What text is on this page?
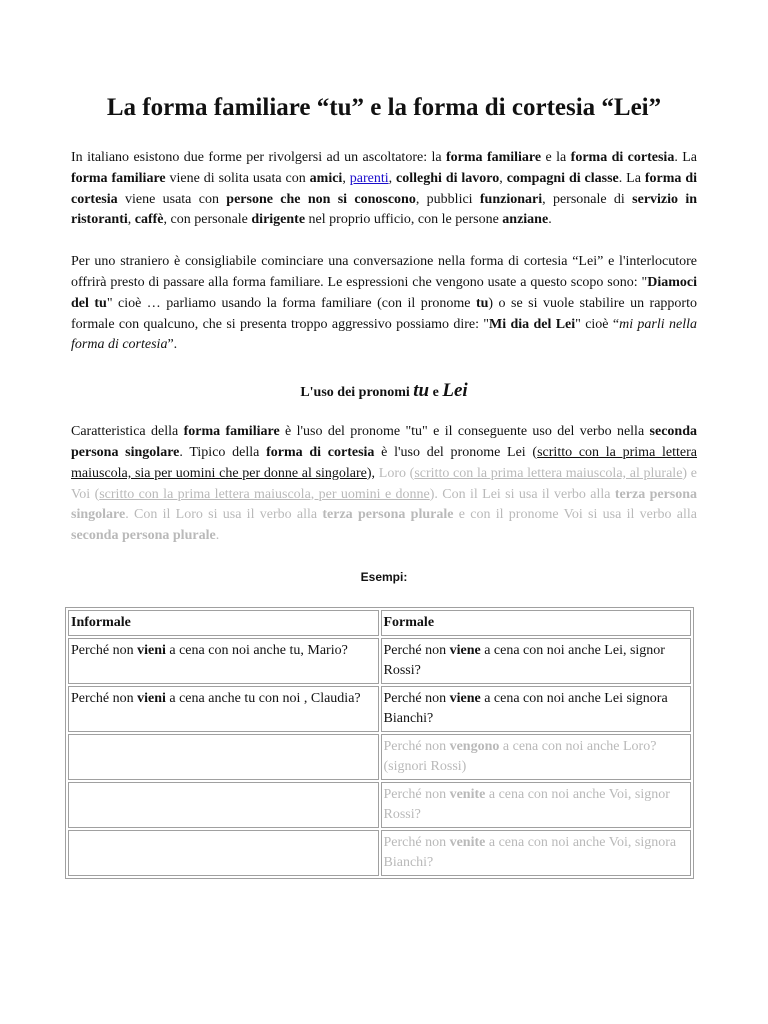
La forma familiare “tu” e la forma di cortesia “Lei”

In italiano esistono due forme per rivolgersi ad un ascoltatore: la forma familiare e la forma di cortesia. La forma familiare viene di solita usata con amici, parenti, colleghi di lavoro, compagni di classe. La forma di cortesia viene usata con persone che non si conoscono, pubblici funzionari, personale di servizio in ristoranti, caffè, con personale dirigente nel proprio ufficio, con le persone anziane.

Per uno straniero è consigliabile cominciare una conversazione nella forma di cortesia “Lei” e l'interlocutore offrirà presto di passare alla forma familiare. Le espressioni che vengono usate a questo scopo sono: "Diamoci del tu" cioè … parliamo usando la forma familiare (con il pronome tu) o se si vuole stabilire un rapporto formale con qualcuno, che si presenta troppo aggressivo possiamo dire: "Mi dia del Lei" cioè “mi parli nella forma di cortesia”.

L'uso dei pronomi tu e Lei

Caratteristica della forma familiare è l'uso del pronome "tu" e il conseguente uso del verbo nella seconda persona singolare. Tipico della forma di cortesia è l'uso del pronome Lei (scritto con la prima lettera maiuscola, sia per uomini che per donne al singolare), Loro (scritto con la prima lettera maiuscola, al plurale) e Voi (scritto con la prima lettera maiuscola, per uomini e donne). Con il Lei si usa il verbo alla terza persona singolare. Con il Loro si usa il verbo alla terza persona plurale e con il pronome Voi si usa il verbo alla seconda persona plurale.

Esempi:

Informale	Formale
Perché non vieni a cena con noi anche tu, Mario?	Perché non viene a cena con noi anche Lei, signor Rossi?
Perché non vieni a cena anche tu con noi , Claudia?	Perché non viene a cena con noi anche Lei signora Bianchi?
	Perché non vengono a cena con noi anche Loro? (signori Rossi)
	Perché non venite a cena con noi anche Voi, signor Rossi?
	Perché non venite a cena con noi anche Voi, signora Bianchi?
